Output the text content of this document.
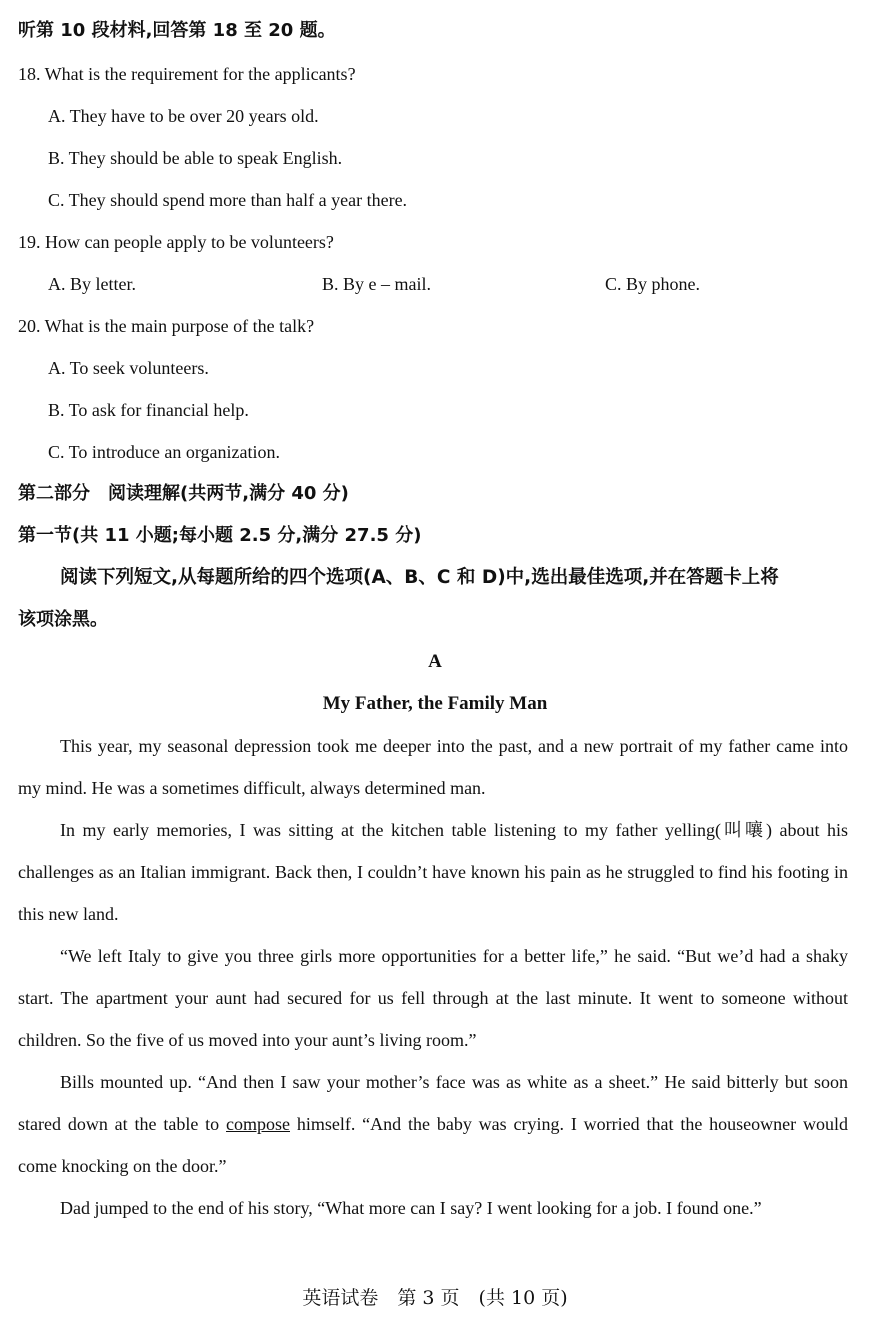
听第 10 段材料,回答第 18 至 20 题。
18. What is the requirement for the applicants?
A. They have to be over 20 years old.
B. They should be able to speak English.
C. They should spend more than half a year there.
19. How can people apply to be volunteers?
A. By letter.	B. By e – mail.	C. By phone.
20. What is the main purpose of the talk?
A. To seek volunteers.
B. To ask for financial help.
C. To introduce an organization.
第二部分　阅读理解(共两节,满分 40 分)
第一节(共 11 小题;每小题 2.5 分,满分 27.5 分)
阅读下列短文,从每题所给的四个选项(A、B、C 和 D)中,选出最佳选项,并在答题卡上将
该项涂黑。
A
My Father, the Family Man
This year, my seasonal depression took me deeper into the past, and a new portrait of my father came into my mind. He was a sometimes difficult, always determined man.
In my early memories, I was sitting at the kitchen table listening to my father yelling(叫嚷) about his challenges as an Italian immigrant. Back then, I couldn’t have known his pain as he struggled to find his footing in this new land.
“We left Italy to give you three girls more opportunities for a better life,” he said. “But we’d had a shaky start. The apartment your aunt had secured for us fell through at the last minute. It went to someone without children. So the five of us moved into your aunt’s living room.”
Bills mounted up. “And then I saw your mother’s face was as white as a sheet.” He said bitterly but soon stared down at the table to compose himself. “And the baby was crying. I worried that the houseowner would come knocking on the door.”
Dad jumped to the end of his story, “What more can I say? I went looking for a job. I found one.”
英语试卷　第 3 页　(共 10 页)
